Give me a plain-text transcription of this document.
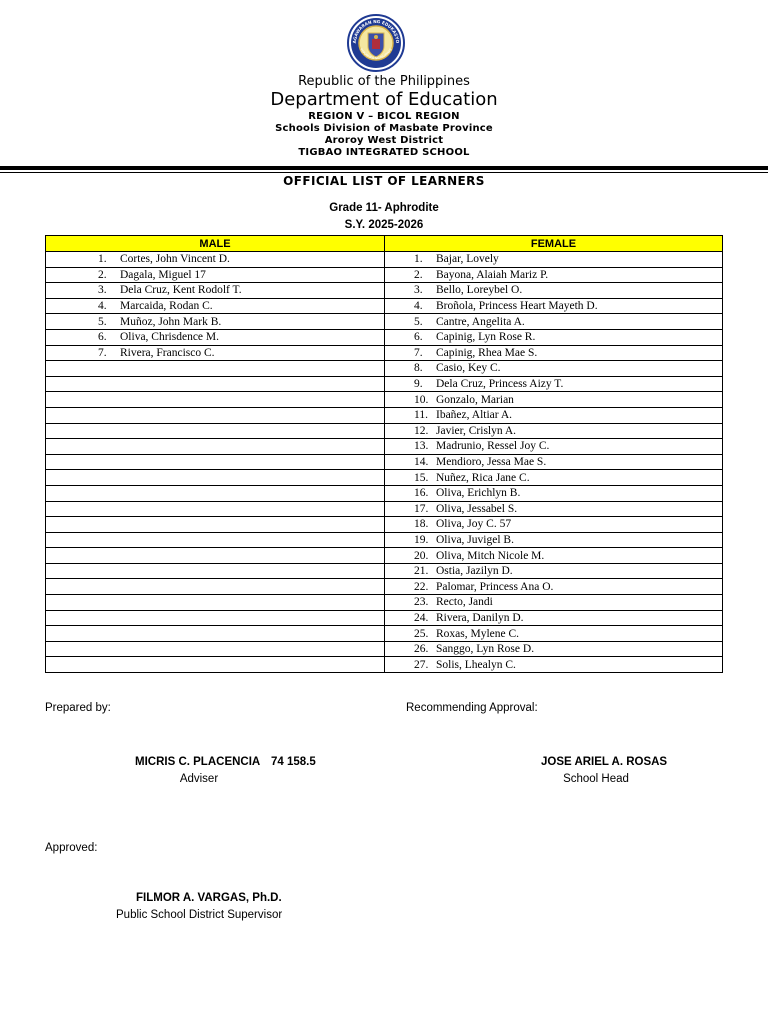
AGAWARAN NG EDUKASYO
REPUBLIKA NG PILIPINAS
Republic of the Philippines
Department of Education
REGION V – BICOL REGION
Schools Division of Masbate Province
Aroroy West District
TIGBAO INTEGRATED SCHOOL
OFFICIAL LIST OF LEARNERS
Grade 11- Aphrodite
S.Y. 2025-2026
MALE	FEMALE
1. Cortes, John Vincent D.	1. Bajar, Lovely
2. Dagala, Miguel 17	2. Bayona, Alaiah Mariz P.
3. Dela Cruz, Kent Rodolf T.	3. Bello, Loreybel O.
4. Marcaida, Rodan C.	4. Broñola, Princess Heart Mayeth D.
5. Muñoz, John Mark B.	5. Cantre, Angelita A.
6. Oliva, Chrisdence M.	6. Capinig, Lyn Rose R.
7. Rivera, Francisco C.	7. Capinig, Rhea Mae S.
	8. Casio, Key C.
	9. Dela Cruz, Princess Aizy T.
	10. Gonzalo, Marian
	11. Ibañez, Altiar A.
	12. Javier, Crislyn A.
	13. Madrunio, Ressel Joy C.
	14. Mendioro, Jessa Mae S.
	15. Nuñez, Rica Jane C.
	16. Oliva, Erichlyn B.
	17. Oliva, Jessabel S.
	18. Oliva, Joy C. 57
	19. Oliva, Juvigel B.
	20. Oliva, Mitch Nicole M.
	21. Ostia, Jazilyn D.
	22. Palomar, Princess Ana O.
	23. Recto, Jandi
	24. Rivera, Danilyn D.
	25. Roxas, Mylene C.
	26. Sanggo, Lyn Rose D.
	27. Solis, Lhealyn C.
Prepared by:	Recommending Approval:
MICRIS C. PLACENCIA 74 158.5
Adviser
JOSE ARIEL A. ROSAS
School Head
Approved:
FILMOR A. VARGAS, Ph.D.
Public School District Supervisor
